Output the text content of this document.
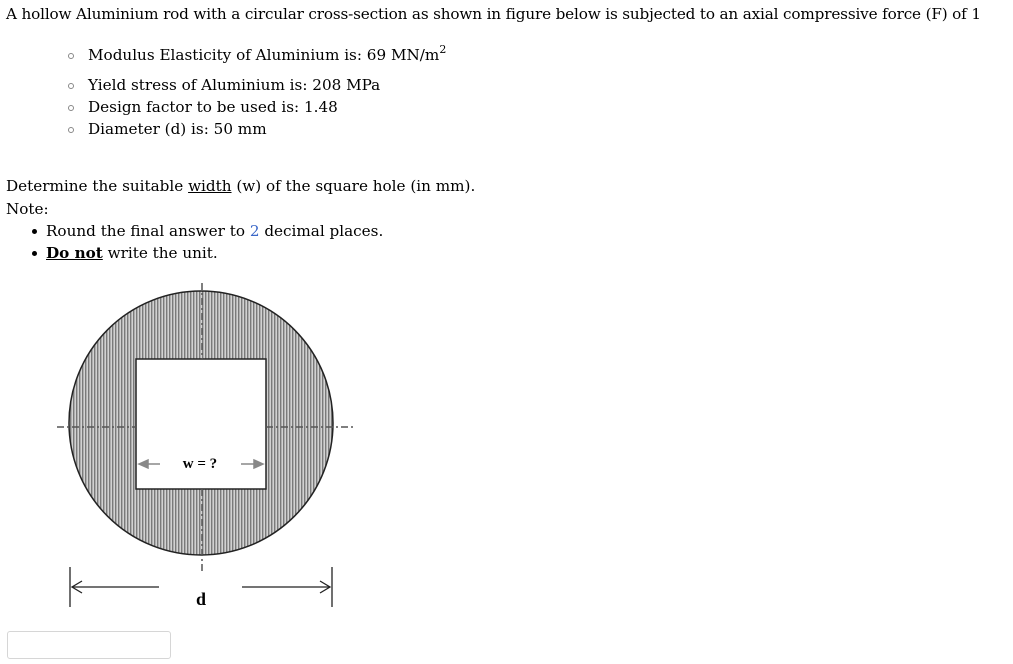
A hollow Aluminium rod with a circular cross-section as shown in figure below is subjected to an axial compressive force (F) of 1
Modulus Elasticity of Aluminium is: 69 $MN/m^2$
Yield stress of Aluminium is: 208 MPa
Design factor to be used is: 1.48
Diameter (d) is: 50 mm
Determine the suitable width (w) of the square hole (in mm).
Note:
Round the final answer to 2 decimal places.
Do not write the unit.
w = ?
d
